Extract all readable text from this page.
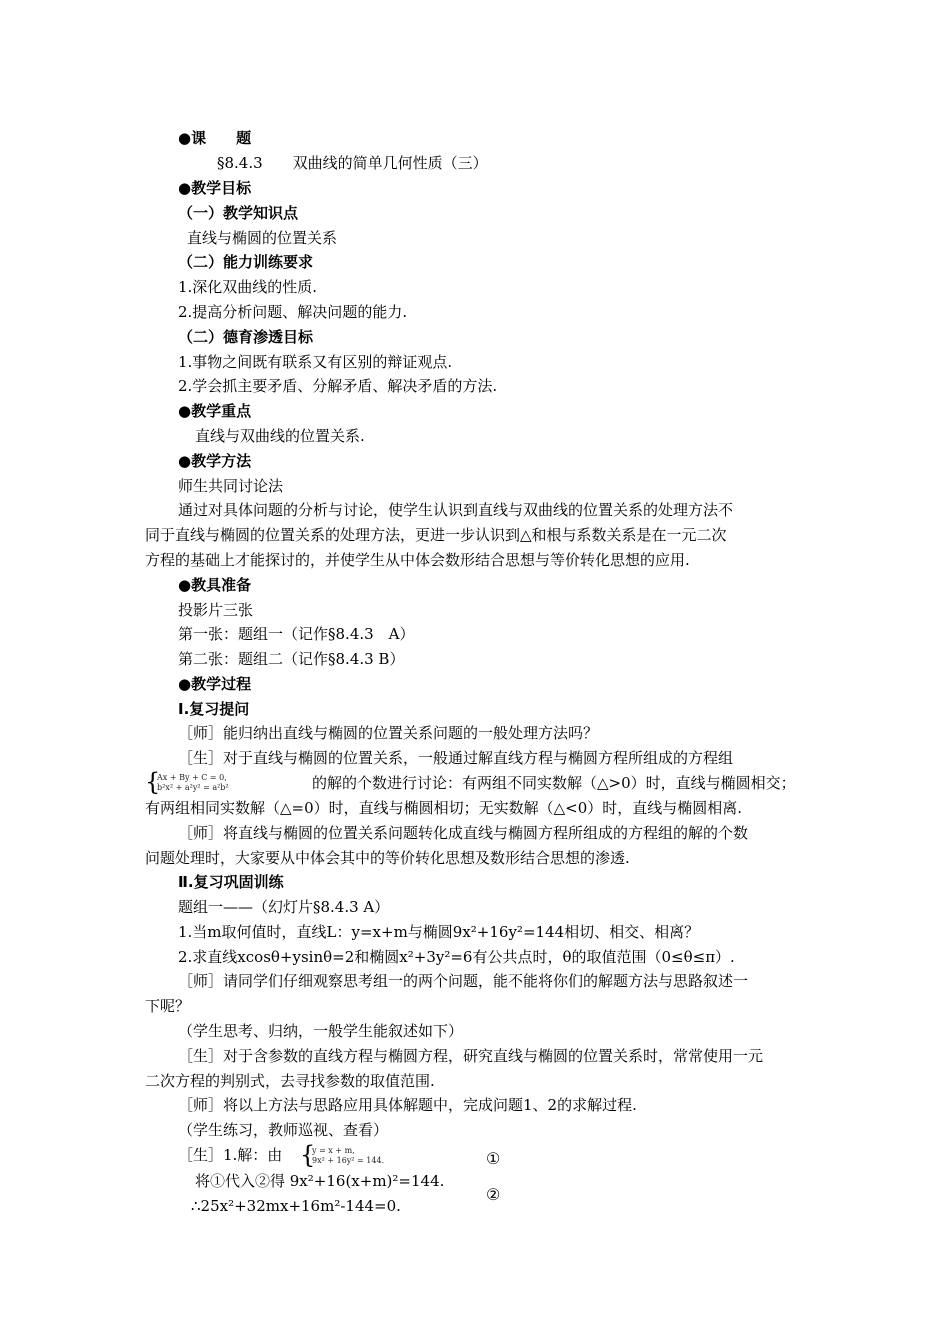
●课　　题
§8.4.3　　双曲线的简单几何性质（三）
●教学目标
（一）教学知识点
直线与椭圆的位置关系
（二）能力训练要求
1.深化双曲线的性质.
2.提高分析问题、解决问题的能力.
（二）德育渗透目标
1.事物之间既有联系又有区别的辩证观点.
2.学会抓主要矛盾、分解矛盾、解决矛盾的方法.
●教学重点
直线与双曲线的位置关系.
●教学方法
师生共同讨论法
通过对具体问题的分析与讨论，使学生认识到直线与双曲线的位置关系的处理方法不
同于直线与椭圆的位置关系的处理方法，更进一步认识到△和根与系数关系是在一元二次
方程的基础上才能探讨的，并使学生从中体会数形结合思想与等价转化思想的应用.
●教具准备
投影片三张
第一张：题组一（记作§8.4.3　A）
第二张：题组二（记作§8.4.3 B）
●教学过程
Ⅰ.复习提问
［师］能归纳出直线与椭圆的位置关系问题的一般处理方法吗？
［生］对于直线与椭圆的位置关系，一般通过解直线方程与椭圆方程所组成的方程组
{
Ax + By + C = 0,
b²x² + a²y² = a²b²	的解的个数进行讨论：有两组不同实数解（△>0）时，直线与椭圆相交；
有两组相同实数解（△=0）时，直线与椭圆相切；无实数解（△<0）时，直线与椭圆相离.
［师］将直线与椭圆的位置关系问题转化成直线与椭圆方程所组成的方程组的解的个数
问题处理时，大家要从中体会其中的等价转化思想及数形结合思想的渗透.
Ⅱ.复习巩固训练
题组一——（幻灯片§8.4.3 A）
1.当m取何值时，直线L：y=x+m与椭圆9x²+16y²=144相切、相交、相离？
2.求直线xcosθ+ysinθ=2和椭圆x²+3y²=6有公共点时，θ的取值范围（0≤θ≤π）.
［师］请同学们仔细观察思考组一的两个问题，能不能将你们的解题方法与思路叙述一
下呢？
（学生思考、归纳，一般学生能叙述如下）
［生］对于含参数的直线方程与椭圆方程，研究直线与椭圆的位置关系时，常常使用一元
二次方程的判别式，去寻找参数的取值范围.
［师］将以上方法与思路应用具体解题中，完成问题1、2的求解过程.
（学生练习，教师巡视、查看）
［生］1.解：由 {
y = x + m,
9x² + 16y² = 144.	①
②
将①代入②得 9x²+16(x+m)²=144.
∴25x²+32mx+16m²-144=0.
